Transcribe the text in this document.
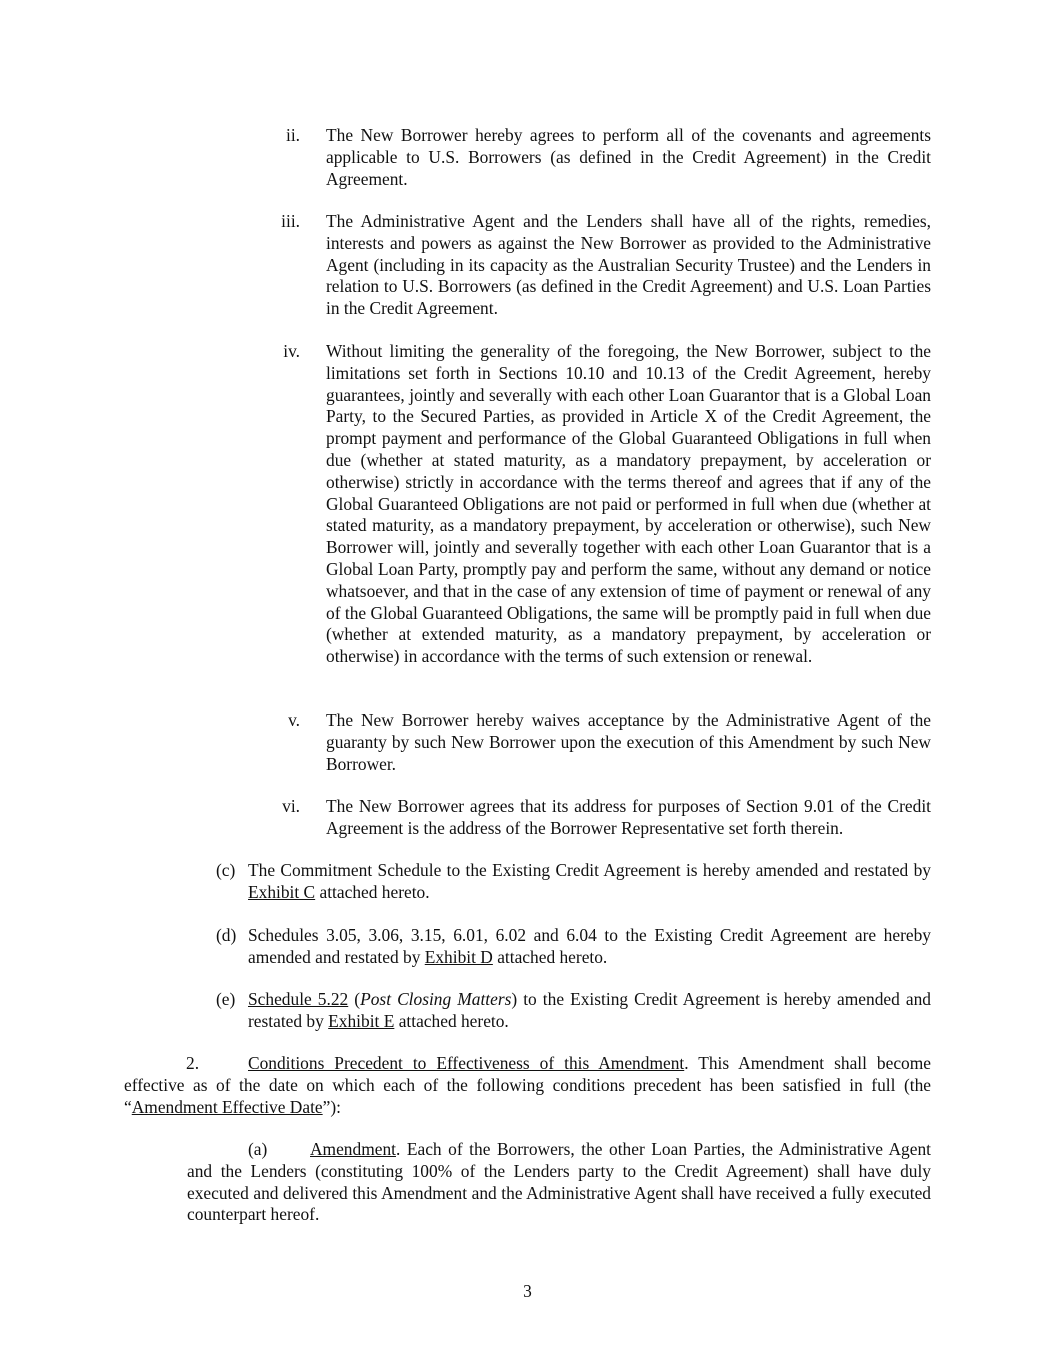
ii. The New Borrower hereby agrees to perform all of the covenants and agreements applicable to U.S. Borrowers (as defined in the Credit Agreement) in the Credit Agreement.

iii. The Administrative Agent and the Lenders shall have all of the rights, remedies, interests and powers as against the New Borrower as provided to the Administrative Agent (including in its capacity as the Australian Security Trustee) and the Lenders in relation to U.S. Borrowers (as defined in the Credit Agreement) and U.S. Loan Parties in the Credit Agreement.

iv. Without limiting the generality of the foregoing, the New Borrower, subject to the limitations set forth in Sections 10.10 and 10.13 of the Credit Agreement, hereby guarantees, jointly and severally with each other Loan Guarantor that is a Global Loan Party, to the Secured Parties, as provided in Article X of the Credit Agreement, the prompt payment and performance of the Global Guaranteed Obligations in full when due (whether at stated maturity, as a mandatory prepayment, by acceleration or otherwise) strictly in accordance with the terms thereof and agrees that if any of the Global Guaranteed Obligations are not paid or performed in full when due (whether at stated maturity, as a mandatory prepayment, by acceleration or otherwise), such New Borrower will, jointly and severally together with each other Loan Guarantor that is a Global Loan Party, promptly pay and perform the same, without any demand or notice whatsoever, and that in the case of any extension of time of payment or renewal of any of the Global Guaranteed Obligations, the same will be promptly paid in full when due (whether at extended maturity, as a mandatory prepayment, by acceleration or otherwise) in accordance with the terms of such extension or renewal.

v. The New Borrower hereby waives acceptance by the Administrative Agent of the guaranty by such New Borrower upon the execution of this Amendment by such New Borrower.

vi. The New Borrower agrees that its address for purposes of Section 9.01 of the Credit Agreement is the address of the Borrower Representative set forth therein.

(c) The Commitment Schedule to the Existing Credit Agreement is hereby amended and restated by Exhibit C attached hereto.

(d) Schedules 3.05, 3.06, 3.15, 6.01, 6.02 and 6.04 to the Existing Credit Agreement are hereby amended and restated by Exhibit D attached hereto.

(e) Schedule 5.22 (Post Closing Matters) to the Existing Credit Agreement is hereby amended and restated by Exhibit E attached hereto.

2.	Conditions Precedent to Effectiveness of this Amendment. This Amendment shall become effective as of the date on which each of the following conditions precedent has been satisfied in full (the “Amendment Effective Date”):

(a) Amendment. Each of the Borrowers, the other Loan Parties, the Administrative Agent and the Lenders (constituting 100% of the Lenders party to the Credit Agreement) shall have duly executed and delivered this Amendment and the Administrative Agent shall have received a fully executed counterpart hereof.

3
